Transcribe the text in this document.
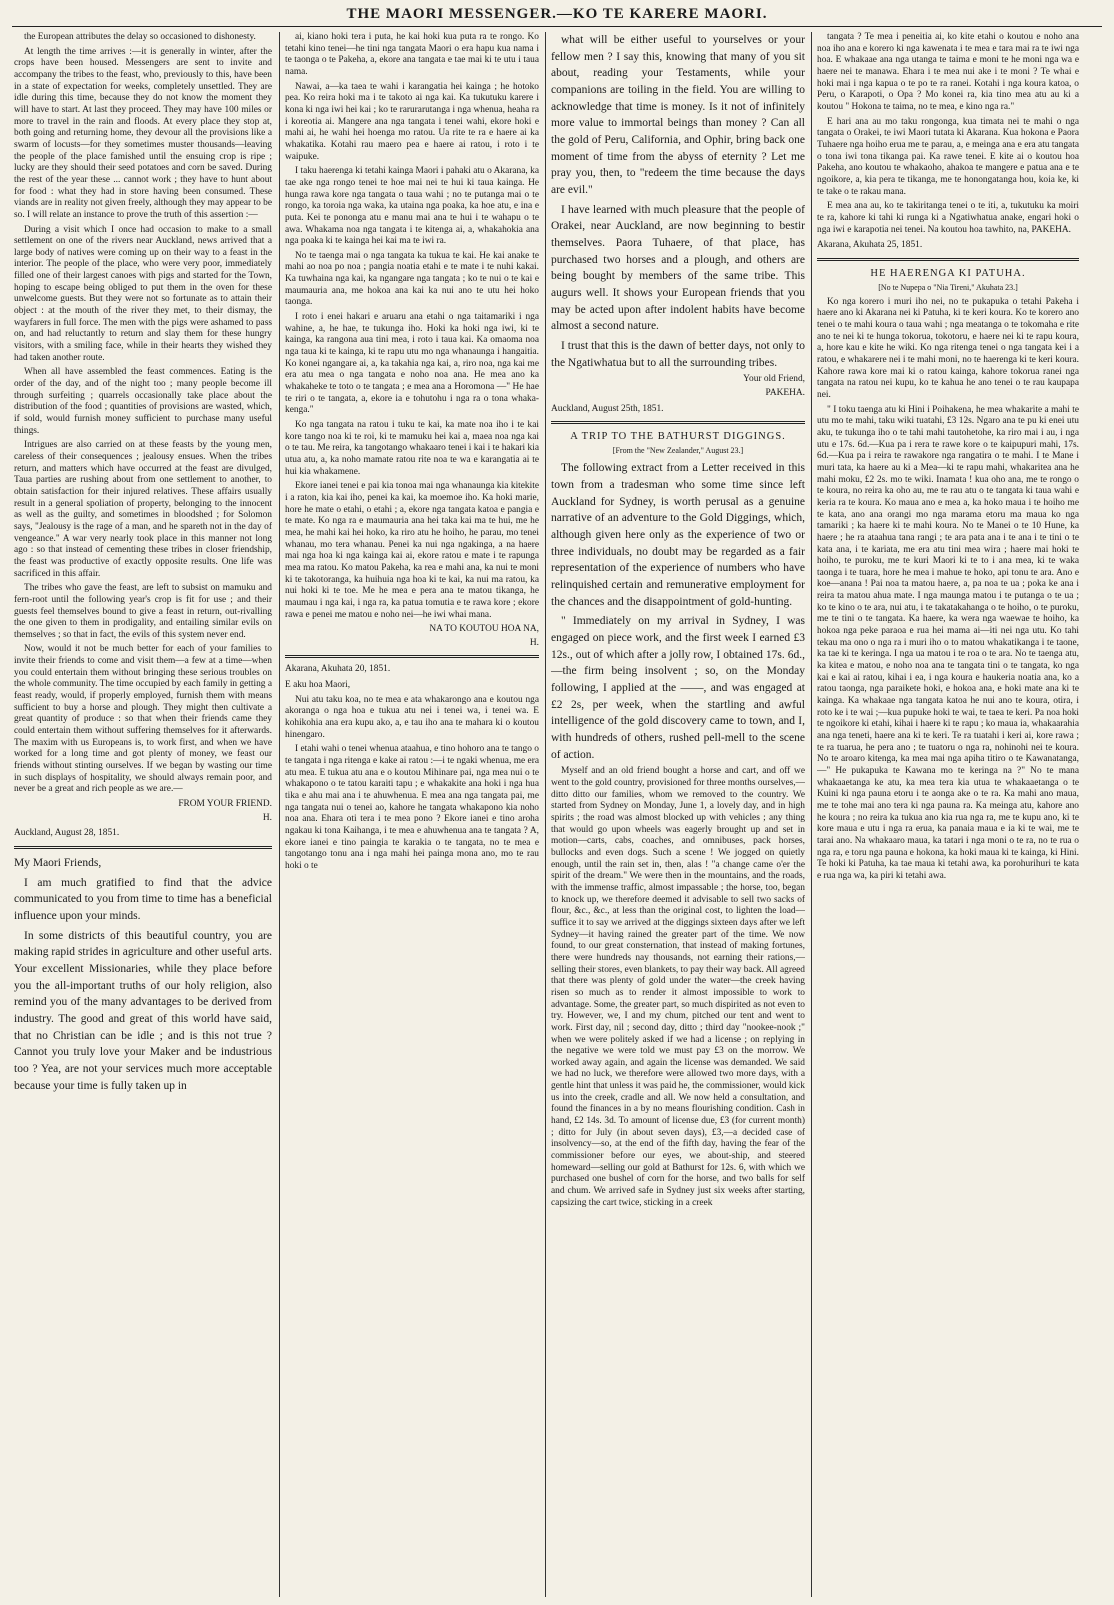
THE MAORI MESSENGER.—KO TE KARERE MAORI.

the European attributes the delay so occasioned to dishonesty.

At length the time arrives :—it is generally in winter, after the crops have been housed. Messengers are sent to invite and accompany the tribes to the feast, who, previously to this, have been in a state of expectation for weeks, completely unsettled. They are idle during this time, because they do not know the moment they will have to start. At last they proceed. They may have 100 miles or more to travel in the rain and floods. At every place they stop at, both going and returning home, they devour all the provisions like a swarm of locusts—for they sometimes muster thousands—leaving the people of the place famished until the ensuing crop is ripe ; lucky are they should their seed potatoes and corn be saved. During the rest of the year these ... cannot work ; they have to hunt about for food : what they had in store having been consumed. These viands are in reality not given freely, although they may appear to be so. I will relate an instance to prove the truth of this assertion :—

During a visit which I once had occasion to make to a small settlement on one of the rivers near Auckland, news arrived that a large body of natives were coming up on their way to a feast in the interior. The people of the place, who were very poor, immediately filled one of their largest canoes with pigs and started for the Town, hoping to escape being obliged to put them in the oven for these unwelcome guests. But they were not so fortunate as to attain their object : at the mouth of the river they met, to their dismay, the wayfarers in full force. The men with the pigs were ashamed to pass on, and had reluctantly to return and slay them for these hungry visitors, with a smiling face, while in their hearts they wished they had taken another route.

When all have assembled the feast commences. Eating is the order of the day, and of the night too ; many people become ill through surfeiting ; quarrels occasionally take place about the distribution of the food ; quantities of provisions are wasted, which, if sold, would furnish money sufficient to purchase many useful things.

Intrigues are also carried on at these feasts by the young men, careless of their consequences ; jealousy ensues. When the tribes return, and matters which have occurred at the feast are divulged, Taua parties are rushing about from one settlement to another, to obtain satisfaction for their injured relatives. These affairs usually result in a general spoliation of property, belonging to the innocent as well as the guilty, and sometimes in bloodshed ; for Solomon says, "Jealousy is the rage of a man, and he spareth not in the day of vengeance." A war very nearly took place in this manner not long ago : so that instead of cementing these tribes in closer friendship, the feast was productive of exactly opposite results. One life was sacrificed in this affair.

The tribes who gave the feast, are left to subsist on mamuku and fern-root until the following year's crop is fit for use ; and their guests feel themselves bound to give a feast in return, out-rivalling the one given to them in prodigality, and entailing similar evils on themselves ; so that in fact, the evils of this system never end.

Now, would it not be much better for each of your families to invite their friends to come and visit them—a few at a time—when you could entertain them without bringing these serious troubles on the whole community. The time occupied by each family in getting a feast ready, would, if properly employed, furnish them with means sufficient to buy a horse and plough. They might then cultivate a great quantity of produce : so that when their friends came they could entertain them without suffering themselves for it afterwards. The maxim with us Europeans is, to work first, and when we have worked for a long time and got plenty of money, we feast our friends without stinting ourselves. If we began by wasting our time in such displays of hospitality, we should always remain poor, and never be a great and rich people as we are.—

FROM YOUR FRIEND.
H.
Auckland, August 28, 1851.

My Maori Friends,

I am much gratified to find that the advice communicated to you from time to time has a beneficial influence upon your minds.

In some districts of this beautiful country, you are making rapid strides in agriculture and other useful arts. Your excellent Missionaries, while they place before you the all-important truths of our holy religion, also remind you of the many advantages to be derived from industry. The good and great of this world have said, that no Christian can be idle ; and is this not true ? Cannot you truly love your Maker and be industrious too ? Yea, are not your services much more acceptable because your time is fully taken up in

ai, kiano hoki tera i puta, he kai hoki kua puta ra te rongo. Ko tetahi kino tenei—he tini nga tangata Maori o era hapu kua nama i te taonga o te Pakeha, a, ekore ana tangata e tae mai ki te utu i taua nama.

Nawai, a—ka taea te wahi i karangatia hei kainga ; he hotoko pea. Ko reira hoki ma i te takoto ai nga kai. Ka tukutuku karere i kona ki nga iwi hei kai ; ko te rarurarutanga i nga whenua, heaha ra i koreotia ai. Mangere ana nga tangata i tenei wahi, ekore hoki e mahi ai, he wahi hei hoenga mo ratou. Ua rite te ra e haere ai ka whakatika. Kotahi rau maero pea e haere ai ratou, i roto i te waipuke.

I taku haerenga ki tetahi kainga Maori i pahaki atu o Akarana, ka tae ake nga rongo tenei te hoe mai nei te hui ki taua kainga. He hunga rawa kore nga tangata o taua wahi ; no te putanga mai o te rongo, ka toroia nga waka, ka utaina nga poaka, ka hoe atu, e ina e puta. Kei te pononga atu e manu mai ana te hui i te wahapu o te awa. Whakama noa nga tangata i te kitenga ai, a, whakahokia ana nga poaka ki te kainga hei kai ma te iwi ra.

No te taenga mai o nga tangata ka tukua te kai. He kai anake te mahi ao noa po noa ; pangia noatia etahi e te mate i te nuhi kakai. Ka tuwhaina nga kai, ka ngangare nga tangata ; ko te nui o te kai e maumauria ana, me hokoa ana kai ka nui ano te utu hei hoko taonga.

I roto i enei hakari e aruaru ana etahi o nga taitamariki i nga wahine, a, he hae, te tukunga iho. Hoki ka hoki nga iwi, ki te kainga, ka rangona aua tini mea, i roto i taua kai. Ka omaoma noa nga taua ki te kainga, ki te rapu utu mo nga whanaunga i hangaitia. Ko konei ngangare ai, a, ka takahia nga kai, a, riro noa, nga kai me era atu mea o nga tangata e noho noa ana. He mea ano ka whakaheke te toto o te tangata ; e mea ana a Horomona —" He hae te riri o te tangata, a, ekore ia e tohutohu i nga ra o tona whaka-kenga."

Ko nga tangata na ratou i tuku te kai, ka mate noa iho i te kai kore tango noa ki te roi, ki te mamuku hei kai a, maea noa nga kai o te tau. Me reira, ka tangotango whakaaro tenei i kai i te hakari kia utua atu, a, ka noho mamate ratou rite noa te wa e karangatia ai te hui kia whakamene.

Ekore ianei tenei e pai kia tonoa mai nga whanaunga kia kitekite i a raton, kia kai iho, penei ka kai, ka moemoe iho. Ka hoki marie, hore he mate o etahi, o etahi ; a, ekore nga tangata katoa e pangia e te mate. Ko nga ra e maumauria ana hei taka kai ma te hui, me he mea, he mahi kai hei hoko, ka riro atu he hoiho, he parau, mo tenei whanau, mo tera whanau. Penei ka nui nga ngakinga, a na haere mai nga hoa ki nga kainga kai ai, ekore ratou e mate i te rapunga mea ma ratou. Ko matou Pakeha, ka rea e mahi ana, ka nui te moni ki te takotoranga, ka huihuia nga hoa ki te kai, ka nui ma ratou, ka nui hoki ki te toe. Me he mea e pera ana te matou tikanga, he maumau i nga kai, i nga ra, ka patua tomutia e te rawa kore ; ekore rawa e penei me matou e noho nei—he iwi whai mana.

NA TO KOUTOU HOA NA,
H.
Akarana, Akuhata 20, 1851.

E aku hoa Maori,

Nui atu taku koa, no te mea e ata whakarongo ana e koutou nga akoranga o nga hoa e tukua atu nei i tenei wa, i tenei wa. E kohikohia ana era kupu ako, a, e tau iho ana te mahara ki o koutou hinengaro.

I etahi wahi o tenei whenua ataahua, e tino hohoro ana te tango o te tangata i nga ritenga e kake ai ratou :—i te ngaki whenua, me era atu mea. E tukua atu ana e o koutou Mihinare pai, nga mea nui o te whakapono o te tatou karaiti tapu ; e whakakite ana hoki i nga hua tika e ahu mai ana i te ahuwhenua. E mea ana nga tangata pai, me nga tangata nui o tenei ao, kahore he tangata whakapono kia noho noa ana. Ehara oti tera i te mea pono ? Ekore ianei e tino aroha ngakau ki tona Kaihanga, i te mea e ahuwhenua ana te tangata ? A, ekore ianei e tino paingia te karakia o te tangata, no te mea e tangotango tonu ana i nga mahi hei painga mona ano, mo te rau hoki o te

what will be either useful to yourselves or your fellow men ? I say this, knowing that many of you sit about, reading your Testaments, while your companions are toiling in the field. You are willing to acknowledge that time is money. Is it not of infinitely more value to immortal beings than money ? Can all the gold of Peru, California, and Ophir, bring back one moment of time from the abyss of eternity ? Let me pray you, then, to "redeem the time because the days are evil."

I have learned with much pleasure that the people of Orakei, near Auckland, are now beginning to bestir themselves. Paora Tuhaere, of that place, has purchased two horses and a plough, and others are being bought by members of the same tribe. This augurs well. It shows your European friends that you may be acted upon after indolent habits have become almost a second nature.

I trust that this is the dawn of better days, not only to the Ngatiwhatua but to all the surrounding tribes.

Your old Friend,
PAKEHA.
Auckland, August 25th, 1851.
A TRIP TO THE BATHURST DIGGINGS.
[From the "New Zealander," August 23.]

The following extract from a Letter received in this town from a tradesman who some time since left Auckland for Sydney, is worth perusal as a genuine narrative of an adventure to the Gold Diggings, which, although given here only as the experience of two or three individuals, no doubt may be regarded as a fair representation of the experience of numbers who have relinquished certain and remunerative employment for the chances and the disappointment of gold-hunting.

" Immediately on my arrival in Sydney, I was engaged on piece work, and the first week I earned £3 12s., out of which after a jolly row, I obtained 17s. 6d.,—the firm being insolvent ; so, on the Monday following, I applied at the ——, and was engaged at £2 2s, per week, when the startling and awful intelligence of the gold discovery came to town, and I, with hundreds of others, rushed pell-mell to the scene of action.

Myself and an old friend bought a horse and cart, and off we went to the gold country, provisioned for three months ourselves,—ditto ditto our families, whom we removed to the country. We started from Sydney on Monday, June 1, a lovely day, and in high spirits ; the road was almost blocked up with vehicles ; any thing that would go upon wheels was eagerly brought up and set in motion—carts, cabs, coaches, and omnibuses, pack horses, bullocks and even dogs. Such a scene ! We jogged on quietly enough, until the rain set in, then, alas ! "a change came o'er the spirit of the dream." We were then in the mountains, and the roads, with the immense traffic, almost impassable ; the horse, too, began to knock up, we therefore deemed it advisable to sell two sacks of flour, &c., &c., at less than the original cost, to lighten the load—suffice it to say we arrived at the diggings sixteen days after we left Sydney—it having rained the greater part of the time. We now found, to our great consternation, that instead of making fortunes, there were hundreds nay thousands, not earning their rations,—selling their stores, even blankets, to pay their way back. All agreed that there was plenty of gold under the water—the creek having risen so much as to render it almost impossible to work to advantage. Some, the greater part, so much dispirited as not even to try. However, we, I and my chum, pitched our tent and went to work. First day, nil ; second day, ditto ; third day "nookee-nook ;" when we were politely asked if we had a license ; on replying in the negative we were told we must pay £3 on the morrow. We worked away again, and again the license was demanded. We said we had no luck, we therefore were allowed two more days, with a gentle hint that unless it was paid he, the commissioner, would kick us into the creek, cradle and all. We now held a consultation, and found the finances in a by no means flourishing condition. Cash in hand, £2 14s. 3d. To amount of license due, £3 (for current month) ; ditto for July (in about seven days), £3,—a decided case of insolvency—so, at the end of the fifth day, having the fear of the commissioner before our eyes, we about-ship, and steered homeward—selling our gold at Bathurst for 12s. 6, with which we purchased one bushel of corn for the horse, and two balls for self and chum. We arrived safe in Sydney just six weeks after starting, capsizing the cart twice, sticking in a creek

tangata ? Te mea i peneitia ai, ko kite etahi o koutou e noho ana noa iho ana e korero ki nga kawenata i te mea e tara mai ra te iwi nga hoa. E whakaae ana nga utanga te taima e moni te he moni nga wa e haere nei te manawa. Ehara i te mea nui ake i te moni ? Te whai e hoki mai i nga kapua o te po te ra ranei. Kotahi i nga koura katoa, o Peru, o Karapoti, o Opa ? Mo konei ra, kia tino mea atu au ki a koutou " Hokona te taima, no te mea, e kino nga ra."

E hari ana au mo taku rongonga, kua timata nei te mahi o nga tangata o Orakei, te iwi Maori tutata ki Akarana. Kua hokona e Paora Tuhaere nga hoiho erua me te parau, a, e meinga ana e era atu tangata o tona iwi tona tikanga pai. Ka rawe tenei. E kite ai o koutou hoa Pakeha, ano koutou te whakaoho, ahakoa te mangere e patua ana e te ngoikore, a, kia pera te tikanga, me te honongatanga hou, koia ke, ki te take o te rakau mana.

E mea ana au, ko te takiritanga tenei o te iti, a, tukutuku ka moiri te ra, kahore ki tahi ki runga ki a Ngatiwhatua anake, engari hoki o nga iwi e karapotia nei tenei. Na koutou hoa tawhito, na, PAKEHA.

Akarana, Akuhata 25, 1851.
HE HAERENGA KI PATUHA.
[No te Nupepa o "Nia Tireni," Akuhata 23.]

Ko nga korero i muri iho nei, no te pukapuka o tetahi Pakeha i haere ano ki Akarana nei ki Patuha, ki te keri koura. Ko te korero ano tenei o te mahi koura o taua wahi ; nga meatanga o te tokomaha e rite ano te nei ki te hunga tokorua, tokotoru, e haere nei ki te rapu koura, a, hore kau e kite he wiki. Ko nga ritenga tenei o nga tangata kei i a ratou, e whakarere nei i te mahi moni, no te haerenga ki te keri koura. Kahore rawa kore mai ki o ratou kainga, kahore tokorua ranei nga tangata na ratou nei kupu, ko te kahua he ano tenei o te rau kaupapa nei.

" I toku taenga atu ki Hini i Poihakena, he mea whakarite a mahi te utu mo te mahi, taku wiki tuatahi, £3 12s. Ngaro ana te pu ki enei utu aku, te tukunga iho o te tahi mahi tautohetohe, ka riro mai i au, i nga utu e 17s. 6d.—Kua pa i rera te rawe kore o te kaipupuri mahi, 17s. 6d.—Kua pa i reira te rawakore nga rangatira o te mahi. I te Mane i muri tata, ka haere au ki a Mea—ki te rapu mahi, whakaritea ana he mahi moku, £2 2s. mo te wiki. Inamata ! kua oho ana, me te rongo o te koura, no reira ka oho au, me te rau atu o te tangata ki taua wahi e keria ra te koura. Ko maua ano e mea a, ka hoko maua i te hoiho me te kata, ano ana orangi mo nga marama etoru ma maua ko nga tamariki ; ka haere ki te mahi koura. No te Manei o te 10 Hune, ka haere ; he ra ataahua tana rangi ; te ara pata ana i te ana i te tini o te kata ana, i te kariata, me era atu tini mea wira ; haere mai hoki te hoiho, te puroku, me te kuri Maori ki te to i ana mea, ki te waka taonga i te tuara, hore he mea i mahue te hoko, api tonu te ara. Ano e koe—anana ! Pai noa ta matou haere, a, pa noa te ua ; poka ke ana i reira ta matou ahua mate. I nga maunga matou i te putanga o te ua ; ko te kino o te ara, nui atu, i te takatakahanga o te hoiho, o te puroku, me te tini o te tangata. Ka haere, ka wera nga waewae te hoiho, ka hokoa nga peke paraoa e rua hei mama ai—iti nei nga utu. Ko tahi tekau ma ono o nga ra i muri iho o to matou whakatikanga i te taone, ka tae ki te keringa. I nga ua matou i te roa o te ara. No te taenga atu, ka kitea e matou, e noho noa ana te tangata tini o te tangata, ko nga kai e kai ai ratou, kihai i ea, i nga koura e haukeria noatia ana, ko a ratou taonga, nga paraikete hoki, e hokoa ana, e hoki mate ana ki te kainga. Ka whakaae nga tangata katoa he nui ano te koura, otira, i roto ke i te wai ;—kua pupuke hoki te wai, te taea te keri. Pa noa hoki te ngoikore ki etahi, kihai i haere ki te rapu ; ko maua ia, whakaarahia ana nga teneti, haere ana ki te keri. Te ra tuatahi i keri ai, kore rawa ; te ra tuarua, he pera ano ; te tuatoru o nga ra, nohinohi nei te koura. No te aroaro kitenga, ka mea mai nga apiha titiro o te Kawanatanga,—" He pukapuka te Kawana mo te keringa na ?" No te mana whakaaetanga ke atu, ka mea tera kia utua te whakaaetanga o te Kuini ki nga pauna etoru i te aonga ake o te ra. Ka mahi ano maua, me te tohe mai ano tera ki nga pauna ra. Ka meinga atu, kahore ano he koura ; no reira ka tukua ano kia rua nga ra, me te kupu ano, ki te kore maua e utu i nga ra erua, ka panaia maua e ia ki te wai, me te tarai ano. Na whakaaro maua, ka tatari i nga moni o te ra, no te rua o nga ra, e toru nga pauna e hokona, ka hoki maua ki te kainga, ki Hini. Te hoki ki Patuha, ka tae maua ki tetahi awa, ka porohurihuri te kata e rua nga wa, ka piri ki tetahi awa.
